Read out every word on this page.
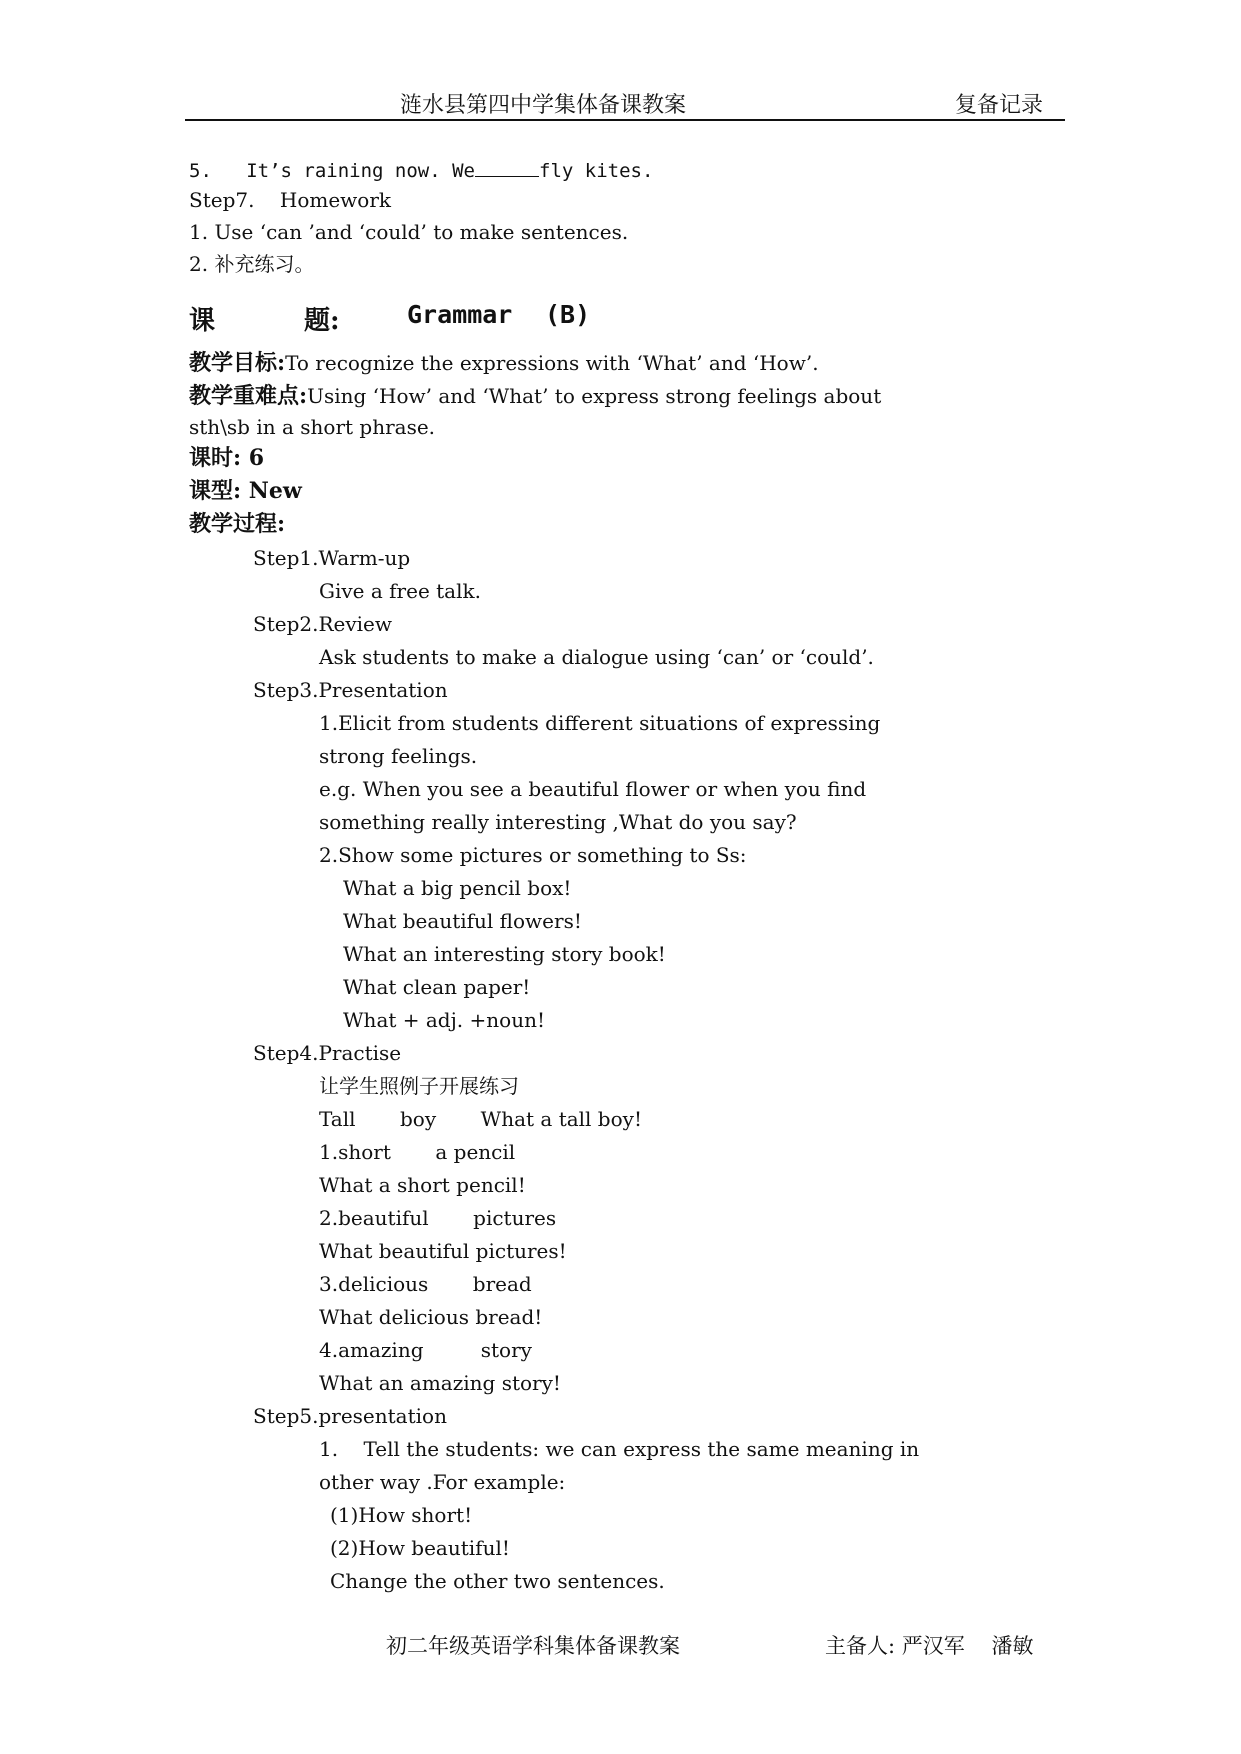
涟水县第四中学集体备课教案	复备记录
5. It’s raining now. We	fly kites.
Step7.    Homework
1. Use ‘can ’and ‘could’ to make sentences.
2. 补充练习。
课	题:	Grammar (B)
教学目标:To recognize the expressions with ‘What’ and ‘How’.
教学重难点:Using ‘How’ and ‘What’ to express strong feelings about
sth\sb in a short phrase.
课时: 6
课型: New
教学过程:
Step1.Warm-up
Give a free talk.
Step2.Review
Ask students to make a dialogue using ‘can’ or ‘could’.
Step3.Presentation
1.Elicit from students different situations of expressing
strong feelings.
e.g. When you see a beautiful flower or when you find
something really interesting ,What do you say?
2.Show some pictures or something to Ss:
What a big pencil box!
What beautiful flowers!
What an interesting story book!
What clean paper!
What + adj. +noun!
Step4.Practise
让学生照例子开展练习
Tall       boy       What a tall boy!
1.short       a pencil
What a short pencil!
2.beautiful       pictures
What beautiful pictures!
3.delicious       bread
What delicious bread!
4.amazing         story
What an amazing story!
Step5.presentation
1.    Tell the students: we can express the same meaning in
other way .For example:
(1)How short!
(2)How beautiful!
Change the other two sentences.
初二年级英语学科集体备课教案	主备人: 严汉军    潘敏
